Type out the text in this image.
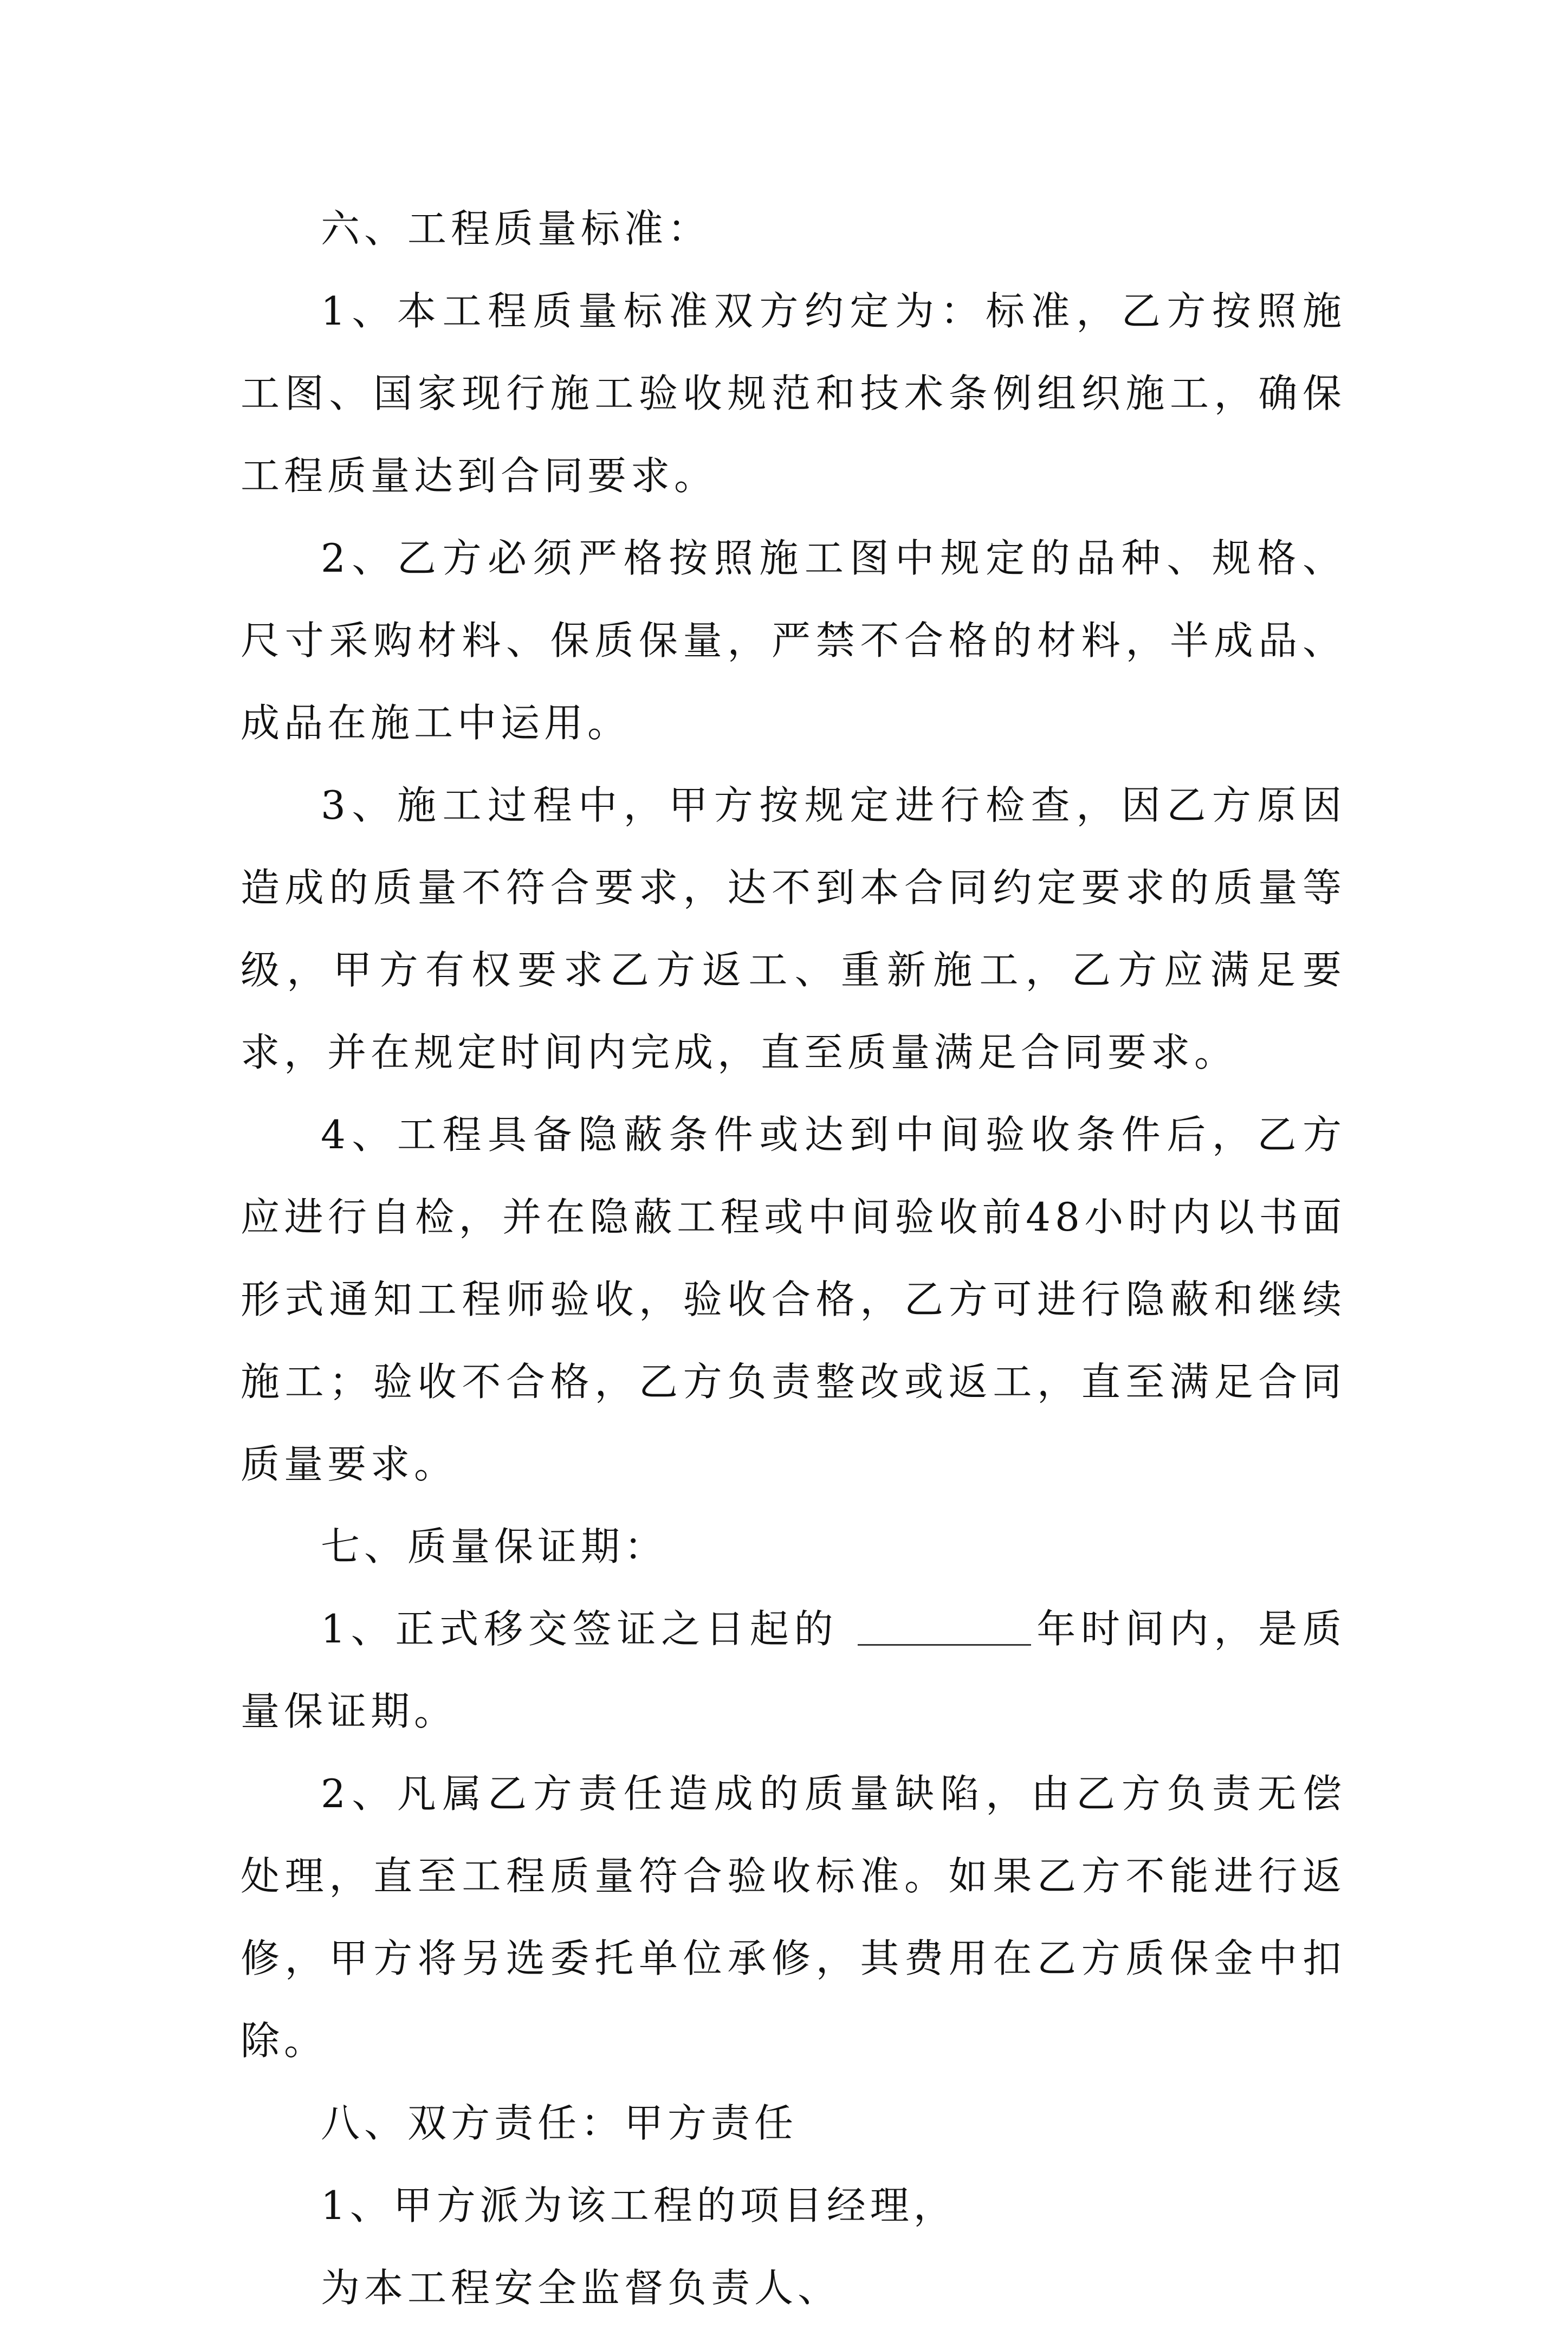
六、工程质量标准：

1、本工程质量标准双方约定为：标准，乙方按照施工图、国家现行施工验收规范和技术条例组织施工，确保工程质量达到合同要求。

2、乙方必须严格按照施工图中规定的品种、规格、尺寸采购材料、保质保量，严禁不合格的材料，半成品、成品在施工中运用。

3、施工过程中，甲方按规定进行检查，因乙方原因造成的质量不符合要求，达不到本合同约定要求的质量等级，甲方有权要求乙方返工、重新施工，乙方应满足要求，并在规定时间内完成，直至质量满足合同要求。

4、工程具备隐蔽条件或达到中间验收条件后，乙方应进行自检，并在隐蔽工程或中间验收前48小时内以书面形式通知工程师验收，验收合格，乙方可进行隐蔽和继续施工；验收不合格，乙方负责整改或返工，直至满足合同质量要求。

七、质量保证期：

1、正式移交签证之日起的	年时间内，是质量保证期。

2、凡属乙方责任造成的质量缺陷，由乙方负责无偿处理，直至工程质量符合验收标准。如果乙方不能进行返修，甲方将另选委托单位承修，其费用在乙方质保金中扣除。

八、双方责任：甲方责任

1、甲方派为该工程的项目经理，

为本工程安全监督负责人、
